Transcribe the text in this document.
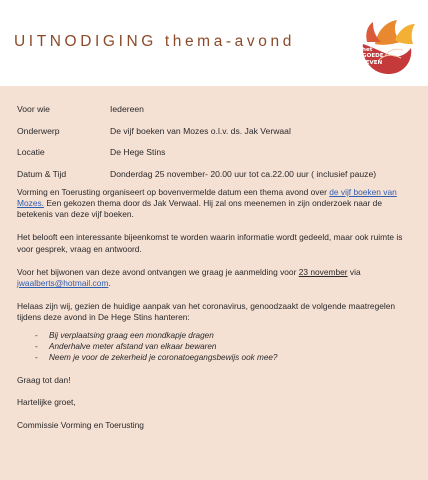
UITNODIGING thema-avond	het
GOEDE
LEVEN
Voor wie	Iedereen
Onderwerp	De vijf boeken van Mozes o.l.v. ds. Jak Verwaal
Locatie	De Hege Stins
Datum & Tijd	Donderdag 25 november- 20.00 uur tot ca.22.00 uur ( inclusief pauze)

Vorming en Toerusting organiseert op bovenvermelde datum een thema avond over de vijf boeken van Mozes. Een gekozen thema door ds Jak Verwaal. Hij zal ons meenemen in zijn onderzoek naar de betekenis van deze vijf boeken.

Het belooft een interessante bijeenkomst te worden waarin informatie wordt gedeeld, maar ook ruimte is voor gesprek, vraag en antwoord.

Voor het bijwonen van deze avond ontvangen we graag je aanmelding voor 23 november via jwaalberts@hotmail.com.

Helaas zijn wij, gezien de huidige aanpak van het coronavirus, genoodzaakt de volgende maatregelen tijdens deze avond in De Hege Stins hanteren:

- Bij verplaatsing graag een mondkapje dragen
- Anderhalve meter afstand van elkaar bewaren
- Neem je voor de zekerheid je coronatoegangsbewijs ook mee?

Graag tot dan!

Hartelijke groet,

Commissie Vorming en Toerusting
